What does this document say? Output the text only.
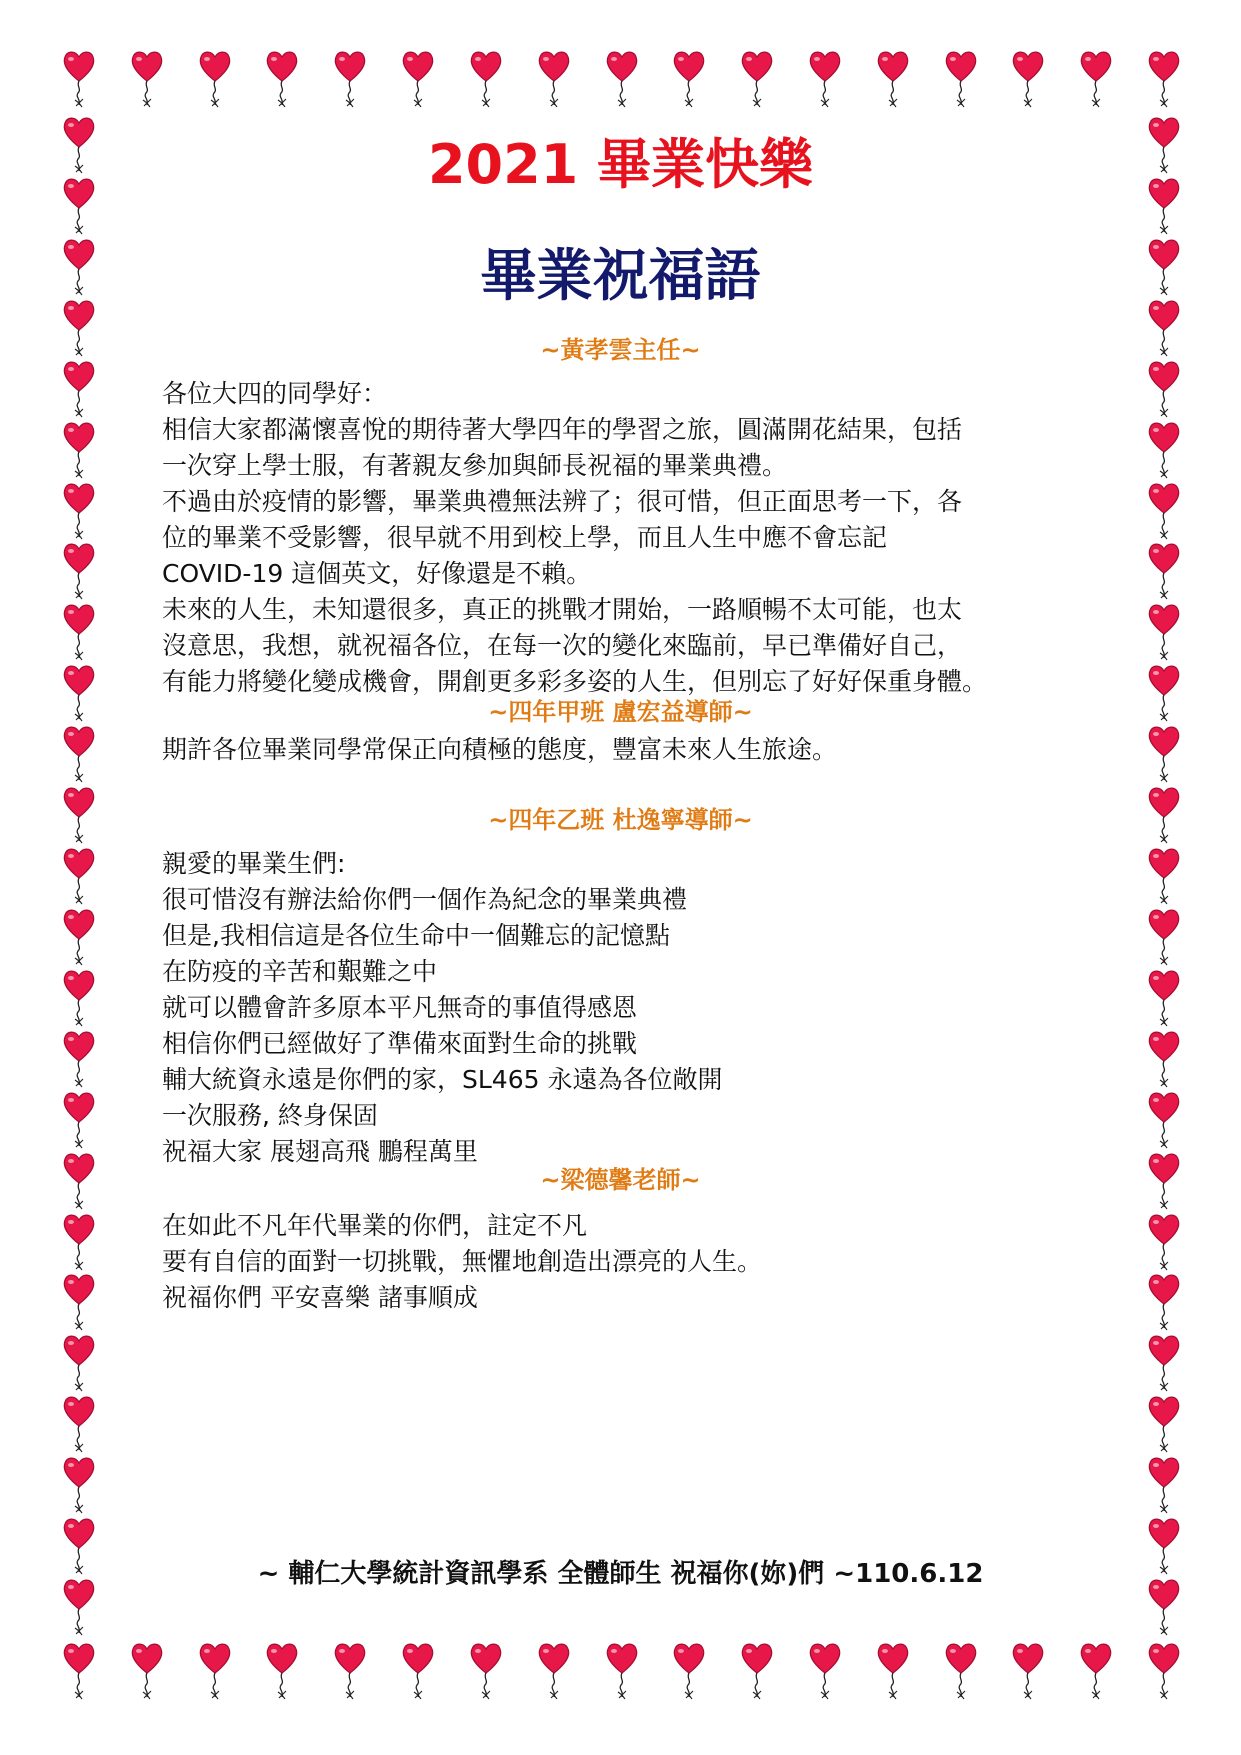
2021 畢業快樂
畢業祝福語
~黃孝雲主任~
各位大四的同學好：
相信大家都滿懷喜悅的期待著大學四年的學習之旅，圓滿開花結果，包括
一次穿上學士服，有著親友參加與師長祝福的畢業典禮。
不過由於疫情的影響，畢業典禮無法辨了；很可惜，但正面思考一下，各
位的畢業不受影響，很早就不用到校上學，而且人生中應不會忘記
COVID-19 這個英文，好像還是不賴。
未來的人生，未知還很多，真正的挑戰才開始，一路順暢不太可能，也太
沒意思，我想，就祝福各位，在每一次的變化來臨前，早已準備好自己，
有能力將變化變成機會，開創更多彩多姿的人生，但別忘了好好保重身體。
~四年甲班 盧宏益導師~
期許各位畢業同學常保正向積極的態度，豐富未來人生旅途。
~四年乙班 杜逸寧導師~
親愛的畢業生們:
很可惜沒有辦法給你們一個作為紀念的畢業典禮
但是,我相信這是各位生命中一個難忘的記憶點
在防疫的辛苦和艱難之中
就可以體會許多原本平凡無奇的事值得感恩
相信你們已經做好了準備來面對生命的挑戰
輔大統資永遠是你們的家，SL465 永遠為各位敞開
一次服務, 終身保固
祝福大家 展翅高飛 鵬程萬里
~梁德馨老師~
在如此不凡年代畢業的你們，註定不凡
要有自信的面對一切挑戰，無懼地創造出漂亮的人生。
祝福你們 平安喜樂 諸事順成
~ 輔仁大學統計資訊學系 全體師生 祝福你(妳)們 ~110.6.12
